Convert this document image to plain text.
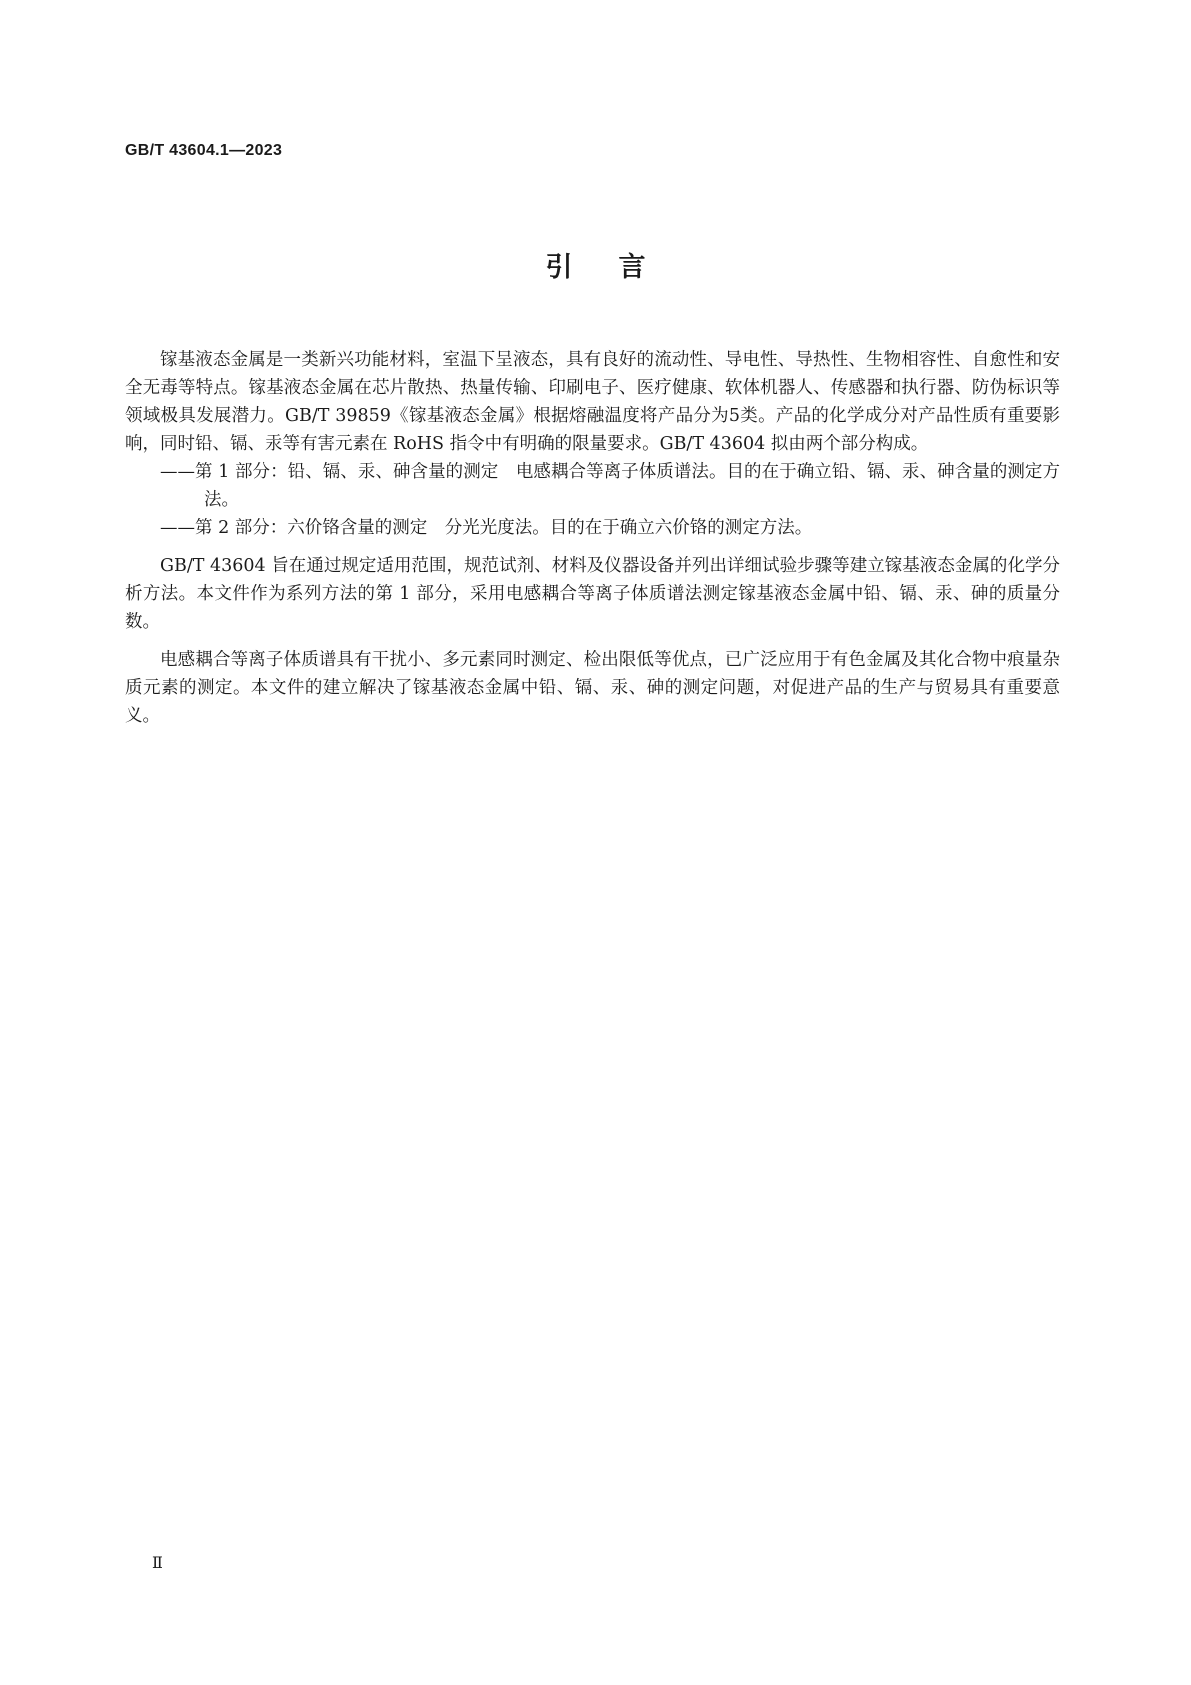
GB/T 43604.1—2023
引言

镓基液态金属是一类新兴功能材料，室温下呈液态，具有良好的流动性、导电性、导热性、生物相容性、自愈性和安全无毒等特点。镓基液态金属在芯片散热、热量传输、印刷电子、医疗健康、软体机器人、传感器和执行器、防伪标识等领域极具发展潜力。GB/T 39859《镓基液态金属》根据熔融温度将产品分为5类。产品的化学成分对产品性质有重要影响，同时铅、镉、汞等有害元素在 RoHS 指令中有明确的限量要求。GB/T 43604 拟由两个部分构成。

——第 1 部分：铅、镉、汞、砷含量的测定　电感耦合等离子体质谱法。目的在于确立铅、镉、汞、砷含量的测定方法。

——第 2 部分：六价铬含量的测定　分光光度法。目的在于确立六价铬的测定方法。

GB/T 43604 旨在通过规定适用范围，规范试剂、材料及仪器设备并列出详细试验步骤等建立镓基液态金属的化学分析方法。本文件作为系列方法的第 1 部分，采用电感耦合等离子体质谱法测定镓基液态金属中铅、镉、汞、砷的质量分数。

电感耦合等离子体质谱具有干扰小、多元素同时测定、检出限低等优点，已广泛应用于有色金属及其化合物中痕量杂质元素的测定。本文件的建立解决了镓基液态金属中铅、镉、汞、砷的测定问题，对促进产品的生产与贸易具有重要意义。

Ⅱ
